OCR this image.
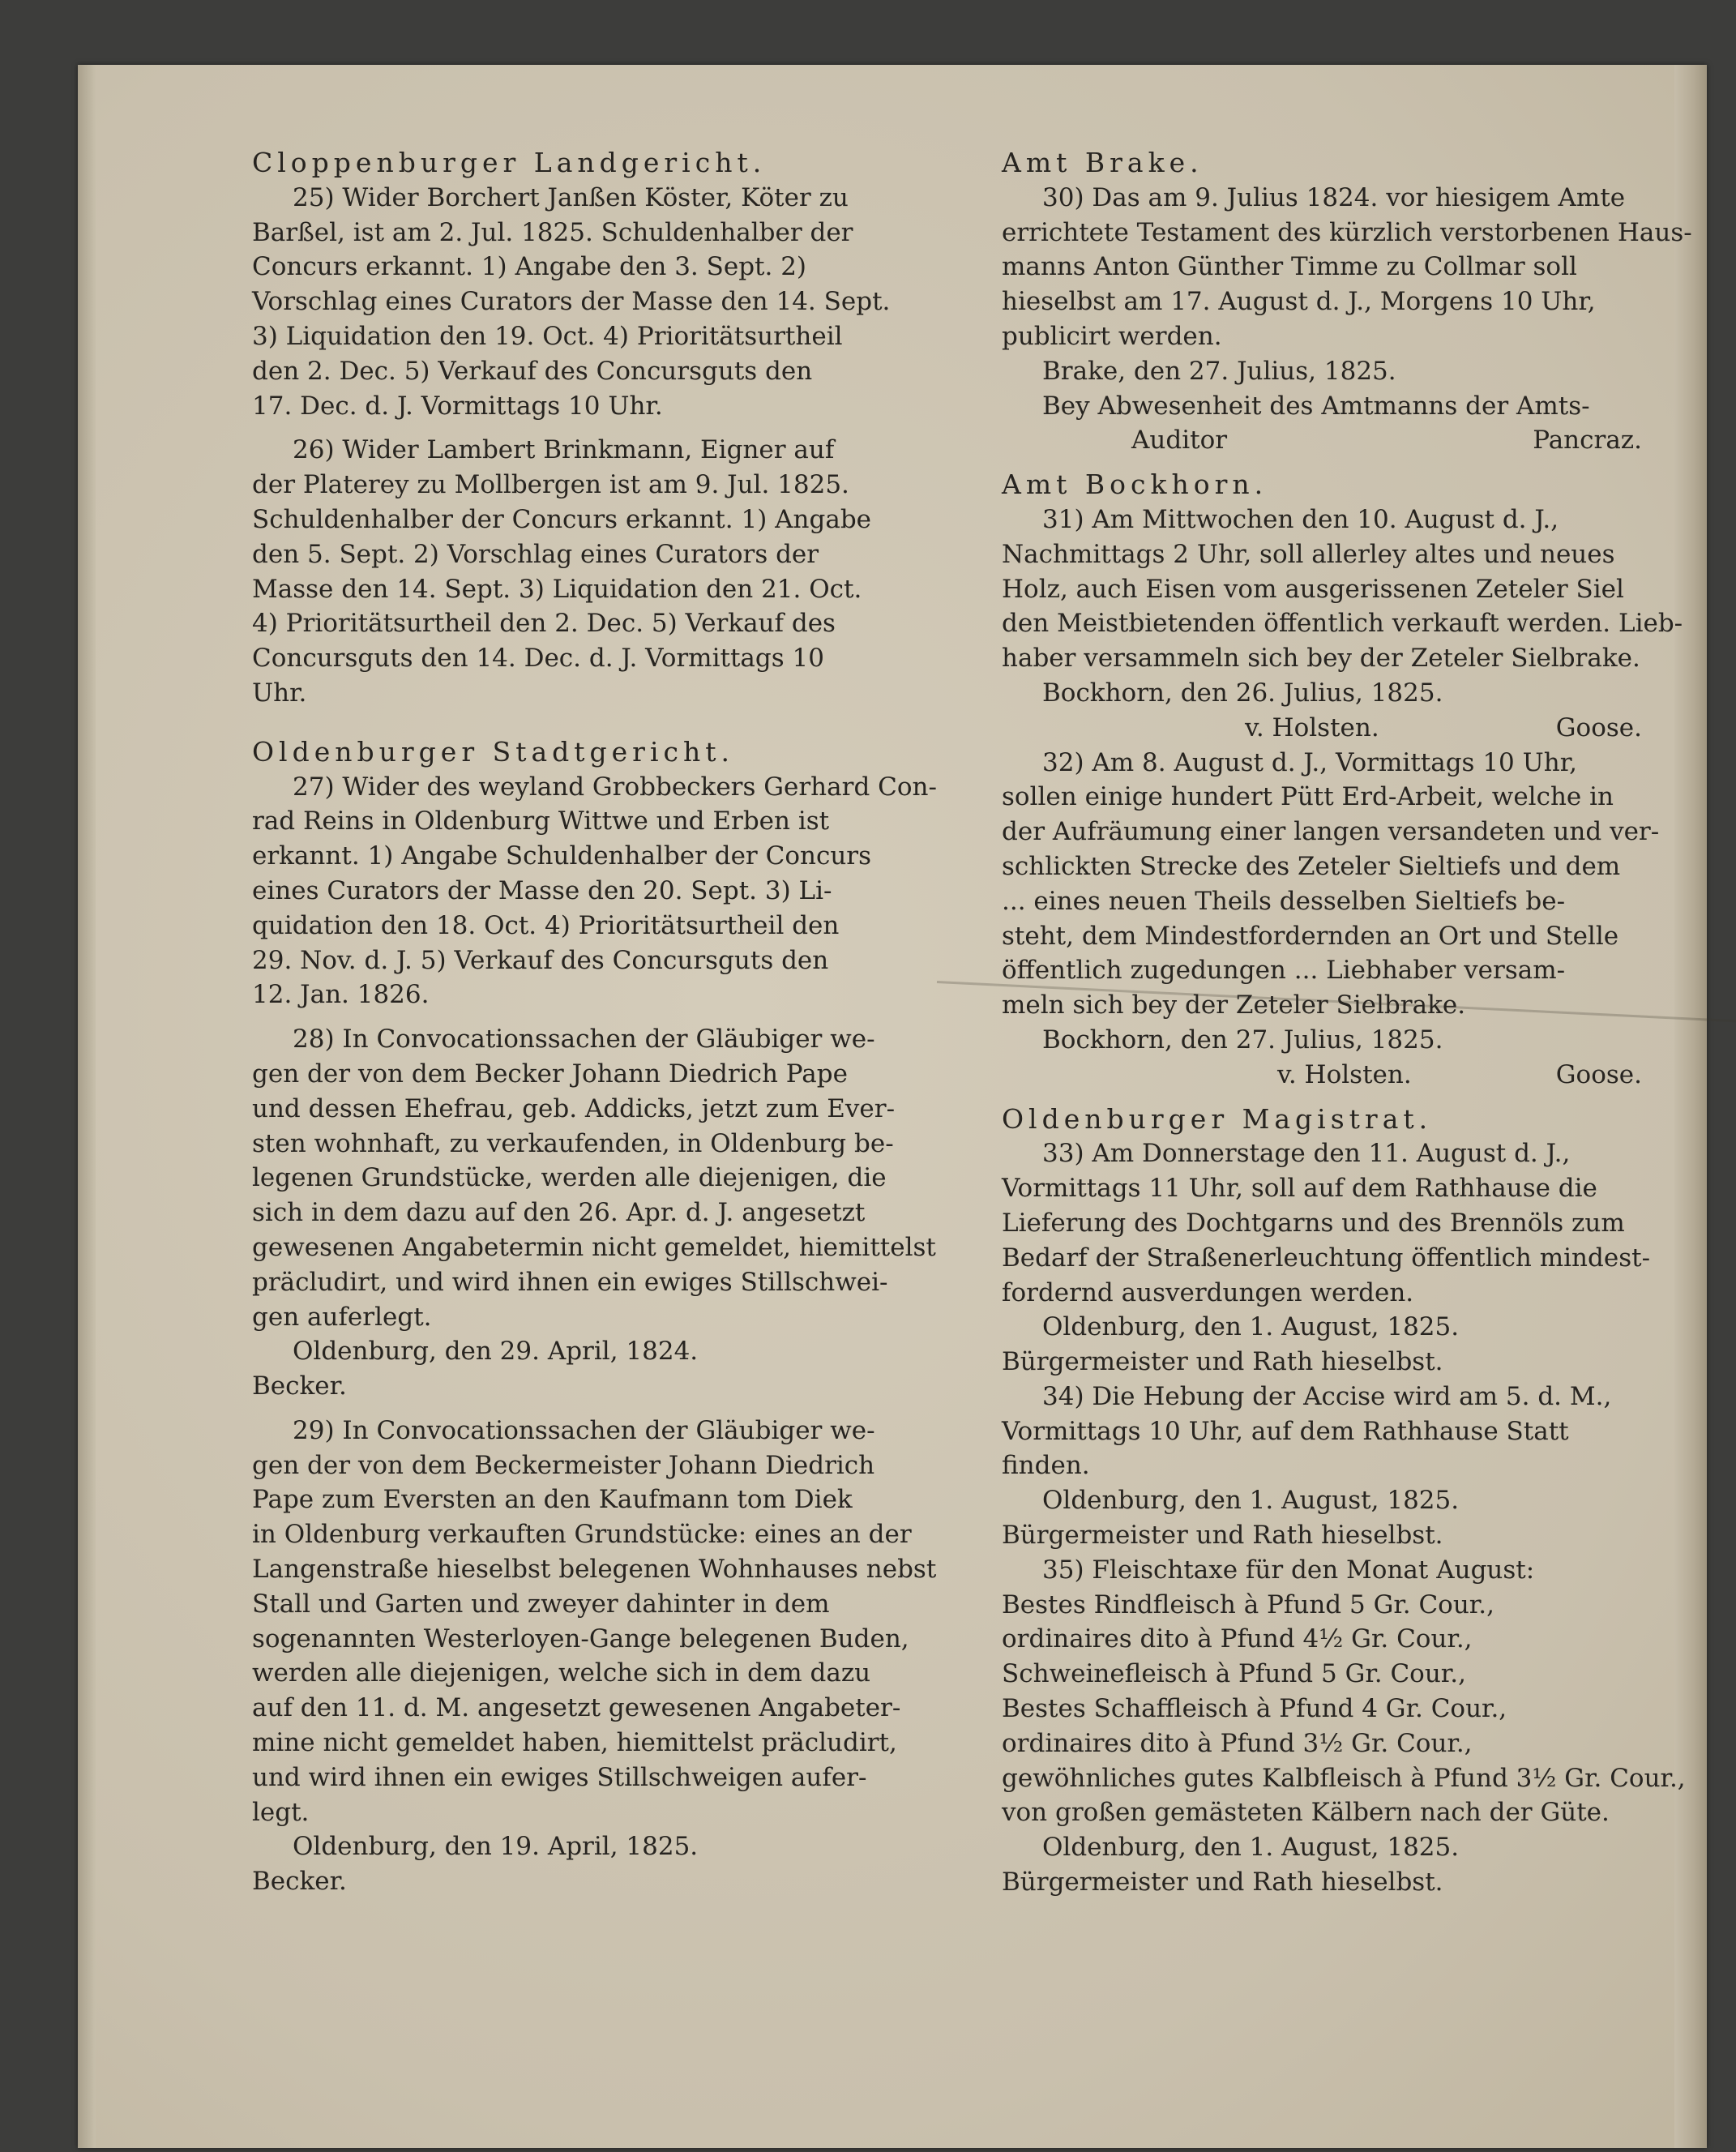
Cloppenburger Landgericht.

25) Wider Borchert Janßen Köster, Köter zu

Barßel, ist am 2. Jul. 1825. Schuldenhalber der

Concurs erkannt. 1) Angabe den 3. Sept. 2)

Vorschlag eines Curators der Masse den 14. Sept.

3) Liquidation den 19. Oct. 4) Prioritätsurtheil

den 2. Dec. 5) Verkauf des Concursguts den

17. Dec. d. J. Vormittags 10 Uhr.

26) Wider Lambert Brinkmann, Eigner auf

der Platerey zu Mollbergen ist am 9. Jul. 1825.

Schuldenhalber der Concurs erkannt. 1) Angabe

den 5. Sept. 2) Vorschlag eines Curators der

Masse den 14. Sept. 3) Liquidation den 21. Oct.

4) Prioritätsurtheil den 2. Dec. 5) Verkauf des

Concursguts den 14. Dec. d. J. Vormittags 10

Uhr.

Oldenburger Stadtgericht.

27) Wider des weyland Grobbeckers Gerhard Con-

rad Reins in Oldenburg Wittwe und Erben ist

erkannt. 1) Angabe Schuldenhalber der Concurs

eines Curators der Masse den 20. Sept. 3) Li-

quidation den 18. Oct. 4) Prioritätsurtheil den

29. Nov. d. J. 5) Verkauf des Concursguts den

12. Jan. 1826.

28) In Convocationssachen der Gläubiger we-

gen der von dem Becker Johann Diedrich Pape

und dessen Ehefrau, geb. Addicks, jetzt zum Ever-

sten wohnhaft, zu verkaufenden, in Oldenburg be-

legenen Grundstücke, werden alle diejenigen, die

sich in dem dazu auf den 26. Apr. d. J. angesetzt

gewesenen Angabetermin nicht gemeldet, hiemittelst

präcludirt, und wird ihnen ein ewiges Stillschwei-

gen auferlegt.

Oldenburg, den 29. April, 1824.

Becker.

29) In Convocationssachen der Gläubiger we-

gen der von dem Beckermeister Johann Diedrich

Pape zum Eversten an den Kaufmann tom Diek

in Oldenburg verkauften Grundstücke: eines an der

Langenstraße hieselbst belegenen Wohnhauses nebst

Stall und Garten und zweyer dahinter in dem

sogenannten Westerloyen-Gange belegenen Buden,

werden alle diejenigen, welche sich in dem dazu

auf den 11. d. M. angesetzt gewesenen Angabeter-

mine nicht gemeldet haben, hiemittelst präcludirt,

und wird ihnen ein ewiges Stillschweigen aufer-

legt.

Oldenburg, den 19. April, 1825.

Becker.

Amt Brake.

30) Das am 9. Julius 1824. vor hiesigem Amte

errichtete Testament des kürzlich verstorbenen Haus-

manns Anton Günther Timme zu Collmar soll

hieselbst am 17. August d. J., Morgens 10 Uhr,

publicirt werden.

Brake, den 27. Julius, 1825.

Bey Abwesenheit des Amtmanns der Amts-

Auditor	Pancraz.

Amt Bockhorn.

31) Am Mittwochen den 10. August d. J.,

Nachmittags 2 Uhr, soll allerley altes und neues

Holz, auch Eisen vom ausgerissenen Zeteler Siel

den Meistbietenden öffentlich verkauft werden. Lieb-

haber versammeln sich bey der Zeteler Sielbrake.

Bockhorn, den 26. Julius, 1825.

v. Holsten.	Goose.

32) Am 8. August d. J., Vormittags 10 Uhr,

sollen einige hundert Pütt Erd-Arbeit, welche in

der Aufräumung einer langen versandeten und ver-

schlickten Strecke des Zeteler Sieltiefs und dem

... eines neuen Theils desselben Sieltiefs be-

steht, dem Mindestfordernden an Ort und Stelle

öffentlich zugedungen ... Liebhaber versam-

meln sich bey der Zeteler Sielbrake.

Bockhorn, den 27. Julius, 1825.

v. Holsten.	Goose.

Oldenburger Magistrat.

33) Am Donnerstage den 11. August d. J.,

Vormittags 11 Uhr, soll auf dem Rathhause die

Lieferung des Dochtgarns und des Brennöls zum

Bedarf der Straßenerleuchtung öffentlich mindest-

fordernd ausverdungen werden.

Oldenburg, den 1. August, 1825.

Bürgermeister und Rath hieselbst.

34) Die Hebung der Accise wird am 5. d. M.,

Vormittags 10 Uhr, auf dem Rathhause Statt

finden.

Oldenburg, den 1. August, 1825.

Bürgermeister und Rath hieselbst.

35) Fleischtaxe für den Monat August:

Bestes Rindfleisch à Pfund 5 Gr. Cour.,

ordinaires dito à Pfund 4½ Gr. Cour.,

Schweinefleisch à Pfund 5 Gr. Cour.,

Bestes Schaffleisch à Pfund 4 Gr. Cour.,

ordinaires dito à Pfund 3½ Gr. Cour.,

gewöhnliches gutes Kalbfleisch à Pfund 3½ Gr. Cour.,

von großen gemästeten Kälbern nach der Güte.

Oldenburg, den 1. August, 1825.

Bürgermeister und Rath hieselbst.
